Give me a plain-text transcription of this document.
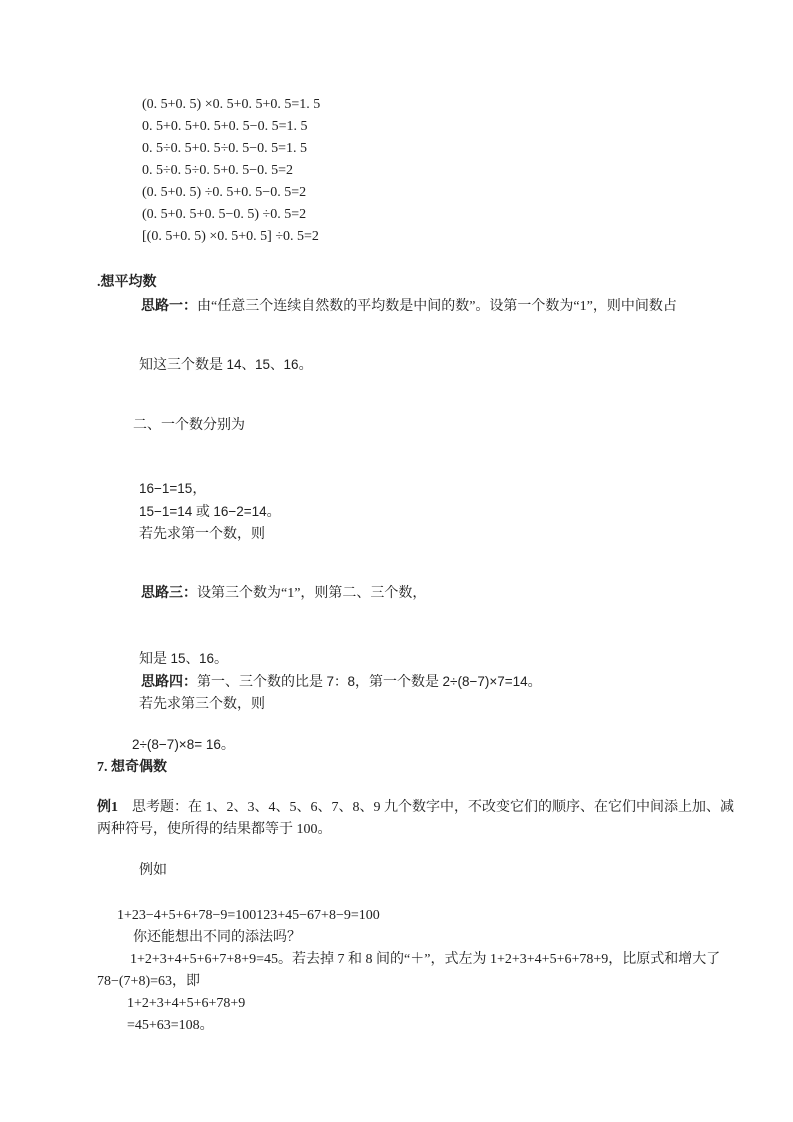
(0. 5+0. 5) ×0. 5+0. 5+0. 5=1. 5
0. 5+0. 5+0. 5+0. 5−0. 5=1. 5
0. 5÷0. 5+0. 5÷0. 5−0. 5=1. 5
0. 5÷0. 5÷0. 5+0. 5−0. 5=2
(0. 5+0. 5) ÷0. 5+0. 5−0. 5=2
(0. 5+0. 5+0. 5−0. 5) ÷0. 5=2
[(0. 5+0. 5) ×0. 5+0. 5] ÷0. 5=2
.想平均数
思路一：由“任意三个连续自然数的平均数是中间的数”。设第一个数为“1”，则中间数占
知这三个数是 14、15、16。
二、一个数分别为
16−1=15，
15−1=14 或 16−2=14。
若先求第一个数，则
思路三：设第三个数为“1”，则第二、三个数，
知是 15、16。
思路四：第一、三个数的比是 7：8，第一个数是 2÷(8−7)×7=14。
若先求第三个数，则
2÷(8−7)×8= 16。
7. 想奇偶数
例1　思考题：在 1、2、3、4、5、6、7、8、9 九个数字中，不改变它们的顺序、在它们中间添上加、减两种符号，使所得的结果都等于 100。
例如
1+23−4+5+6+78−9=100123+45−67+8−9=100
你还能想出不同的添法吗？
1+2+3+4+5+6+7+8+9=45。若去掉 7 和 8 间的“＋”，式左为 1+2+3+4+5+6+78+9，比原式和增大了 78−(7+8)=63，即
1+2+3+4+5+6+78+9
=45+63=108。
